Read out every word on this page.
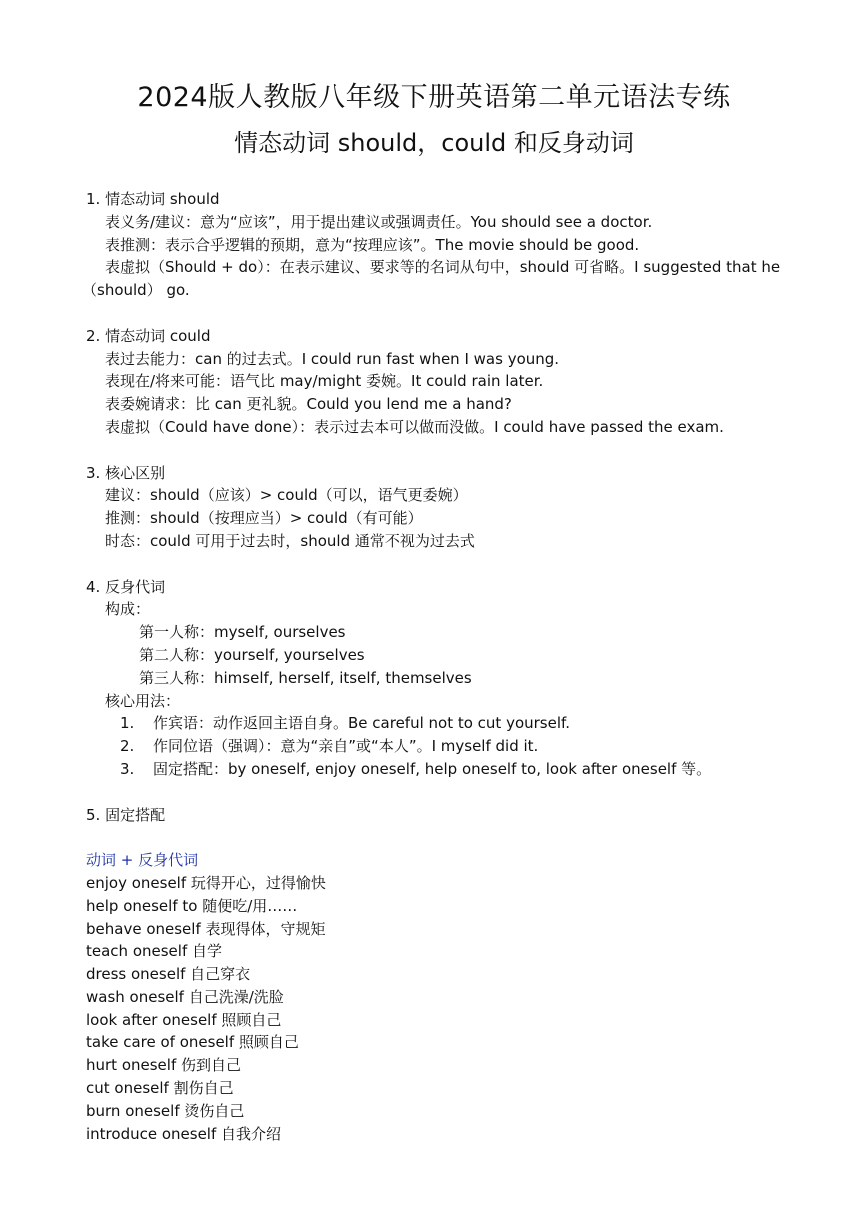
2024版人教版八年级下册英语第二单元语法专练
情态动词 should，could 和反身动词
1. 情态动词 should
表义务/建议：意为“应该”，用于提出建议或强调责任。You should see a doctor.
表推测：表示合乎逻辑的预期，意为“按理应该”。The movie should be good.
表虚拟（Should + do）：在表示建议、要求等的名词从句中，should 可省略。I suggested that he
（should） go.
2. 情态动词 could
表过去能力：can 的过去式。I could run fast when I was young.
表现在/将来可能：语气比 may/might 委婉。It could rain later.
表委婉请求：比 can 更礼貌。Could you lend me a hand?
表虚拟（Could have done）：表示过去本可以做而没做。I could have passed the exam.
3. 核心区别
建议：should（应该）> could（可以，语气更委婉）
推测：should（按理应当）> could（有可能）
时态：could 可用于过去时，should 通常不视为过去式
4. 反身代词
构成：
第一人称：myself, ourselves
第二人称：yourself, yourselves
第三人称：himself, herself, itself, themselves
核心用法：
1. 作宾语：动作返回主语自身。Be careful not to cut yourself.
2. 作同位语（强调）：意为“亲自”或“本人”。I myself did it.
3. 固定搭配：by oneself, enjoy oneself, help oneself to, look after oneself 等。
5. 固定搭配
动词 + 反身代词
enjoy oneself 玩得开心，过得愉快
help oneself to 随便吃/用……
behave oneself 表现得体，守规矩
teach oneself 自学
dress oneself 自己穿衣
wash oneself 自己洗澡/洗脸
look after oneself 照顾自己
take care of oneself 照顾自己
hurt oneself 伤到自己
cut oneself 割伤自己
burn oneself 烫伤自己
introduce oneself 自我介绍
